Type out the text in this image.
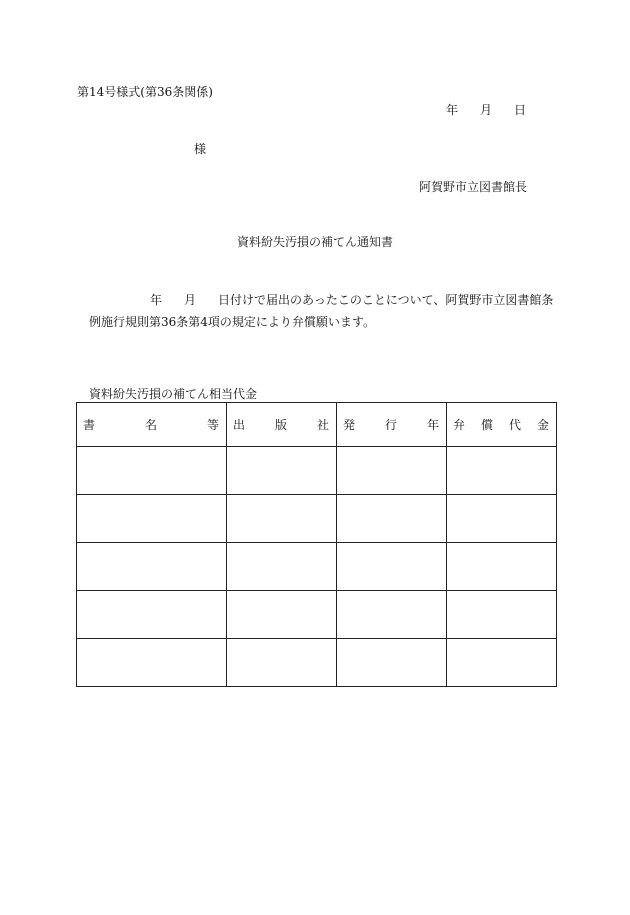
第14号様式(第36条関係)
年 月 日
様
阿賀野市立図書館長
資料紛失汚損の補てん通知書
年 月 日付けで届出のあったこのことについて、阿賀野市立図書館条
例施行規則第36条第4項の規定により弁償願います。
資料紛失汚損の補てん相当代金
書 名 等	出 版 社	発 行 年	弁 償 代 金
